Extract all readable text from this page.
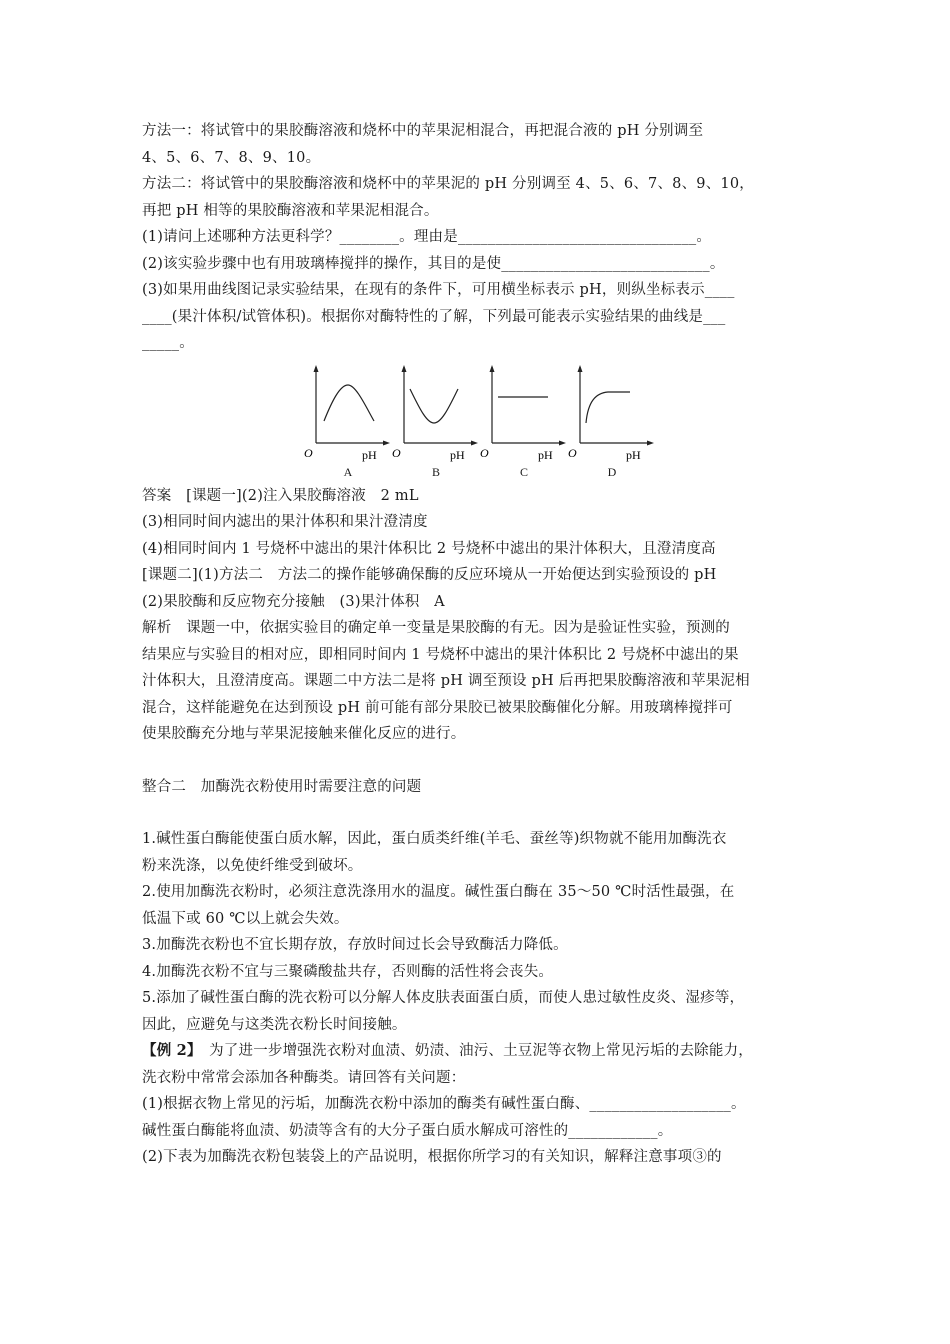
方法一：将试管中的果胶酶溶液和烧杯中的苹果泥相混合，再把混合液的 pH 分别调至
4、5、6、7、8、9、10。
方法二：将试管中的果胶酶溶液和烧杯中的苹果泥的 pH 分别调至 4、5、6、7、8、9、10，
再把 pH 相等的果胶酶溶液和苹果泥相混合。
(1)请问上述哪种方法更科学？________。理由是________________________________。
(2)该实验步骤中也有用玻璃棒搅拌的操作，其目的是使____________________________。
(3)如果用曲线图记录实验结果，在现有的条件下，可用横坐标表示 pH，则纵坐标表示____
____(果汁体积/试管体积)。根据你对酶特性的了解，下列最可能表示实验结果的曲线是___
_____。
O	pH
A
O	pH
B
O	pH
C
O	pH
D
答案　[课题一](2)注入果胶酶溶液　2 mL
(3)相同时间内滤出的果汁体积和果汁澄清度
(4)相同时间内 1 号烧杯中滤出的果汁体积比 2 号烧杯中滤出的果汁体积大，且澄清度高
[课题二](1)方法二　方法二的操作能够确保酶的反应环境从一开始便达到实验预设的 pH
(2)果胶酶和反应物充分接触　(3)果汁体积　A
解析　课题一中，依据实验目的确定单一变量是果胶酶的有无。因为是验证性实验，预测的
结果应与实验目的相对应，即相同时间内 1 号烧杯中滤出的果汁体积比 2 号烧杯中滤出的果
汁体积大，且澄清度高。课题二中方法二是将 pH 调至预设 pH 后再把果胶酶溶液和苹果泥相
混合，这样能避免在达到预设 pH 前可能有部分果胶已被果胶酶催化分解。用玻璃棒搅拌可
使果胶酶充分地与苹果泥接触来催化反应的进行。
整合二　加酶洗衣粉使用时需要注意的问题
1.碱性蛋白酶能使蛋白质水解，因此，蛋白质类纤维(羊毛、蚕丝等)织物就不能用加酶洗衣
粉来洗涤，以免使纤维受到破坏。
2.使用加酶洗衣粉时，必须注意洗涤用水的温度。碱性蛋白酶在 35～50 ℃时活性最强，在
低温下或 60 ℃以上就会失效。
3.加酶洗衣粉也不宜长期存放，存放时间过长会导致酶活力降低。
4.加酶洗衣粉不宜与三聚磷酸盐共存，否则酶的活性将会丧失。
5.添加了碱性蛋白酶的洗衣粉可以分解人体皮肤表面蛋白质，而使人患过敏性皮炎、湿疹等，
因此，应避免与这类洗衣粉长时间接触。
【例 2】　为了进一步增强洗衣粉对血渍、奶渍、油污、土豆泥等衣物上常见污垢的去除能力，
洗衣粉中常常会添加各种酶类。请回答有关问题：
(1)根据衣物上常见的污垢，加酶洗衣粉中添加的酶类有碱性蛋白酶、___________________。
碱性蛋白酶能将血渍、奶渍等含有的大分子蛋白质水解成可溶性的____________。
(2)下表为加酶洗衣粉包装袋上的产品说明，根据你所学习的有关知识，解释注意事项③的
